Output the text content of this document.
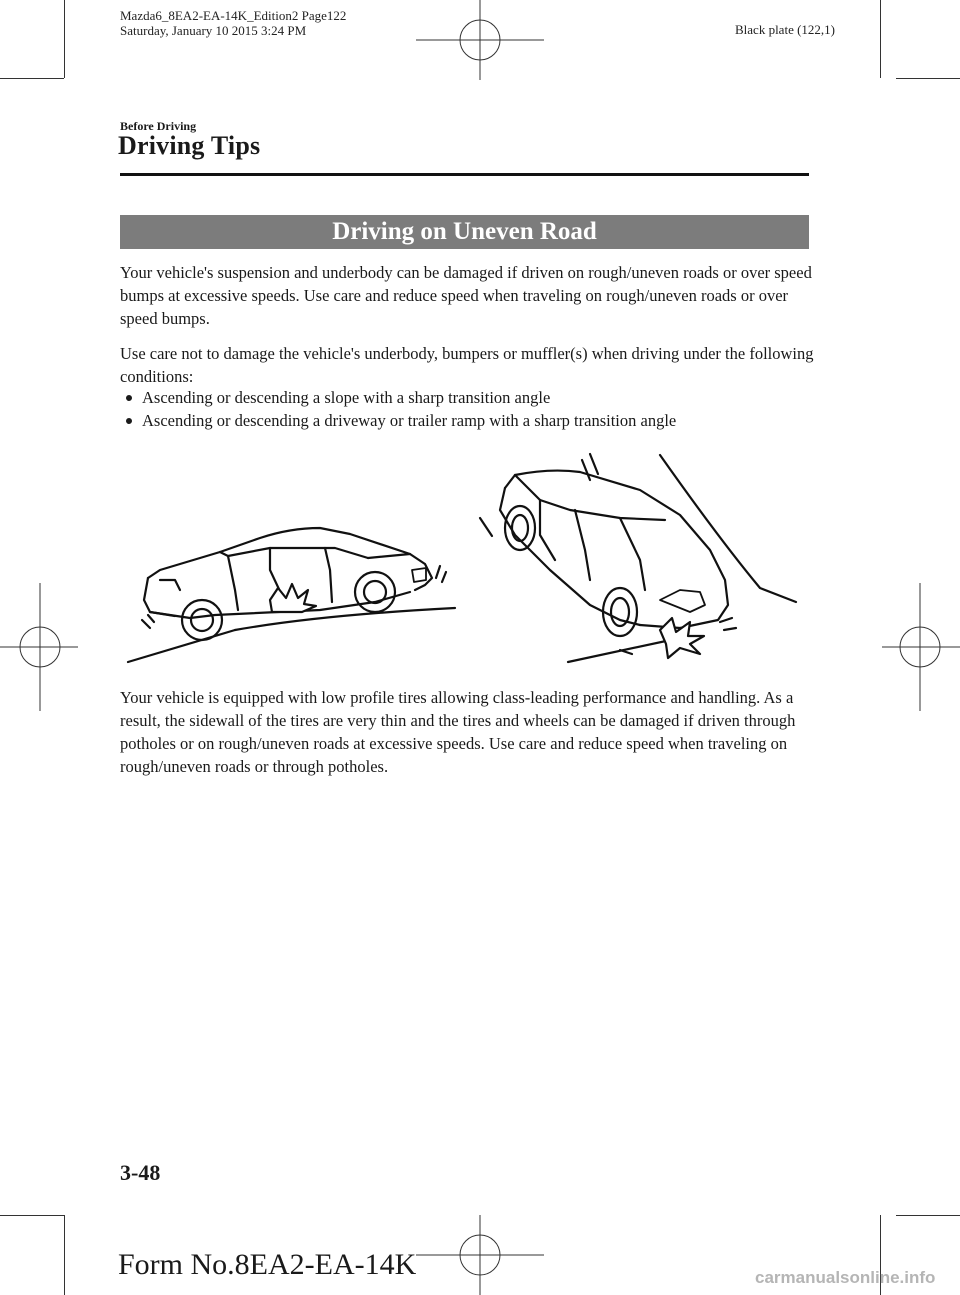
Mazda6_8EA2-EA-14K_Edition2 Page122
Saturday, January 10 2015 3:24 PM	Black plate (122,1)
Before Driving
Driving Tips
Driving on Uneven Road
Your vehicle's suspension and underbody can be damaged if driven on rough/uneven roads or over speed bumps at excessive speeds. Use care and reduce speed when traveling on rough/uneven roads or over speed bumps.
Use care not to damage the vehicle's underbody, bumpers or muffler(s) when driving under the following conditions:
Ascending or descending a slope with a sharp transition angle
Ascending or descending a driveway or trailer ramp with a sharp transition angle
Your vehicle is equipped with low profile tires allowing class-leading performance and handling. As a result, the sidewall of the tires are very thin and the tires and wheels can be damaged if driven through potholes or on rough/uneven roads at excessive speeds. Use care and reduce speed when traveling on rough/uneven roads or through potholes.
3-48
Form No.8EA2-EA-14K	carmanualsonline.info
